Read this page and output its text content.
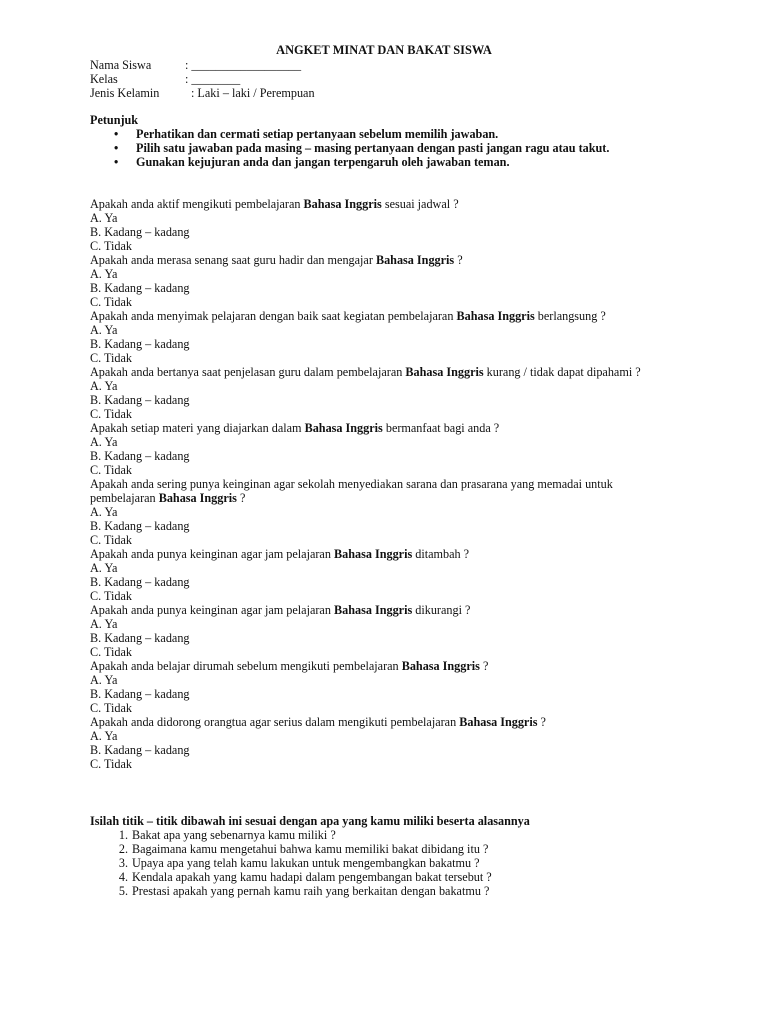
ANGKET MINAT DAN BAKAT SISWA
Nama Siswa	: __________________
Kelas	: ________
Jenis Kelamin	: Laki – laki / Perempuan
Petunjuk
• Perhatikan dan cermati setiap pertanyaan sebelum memilih jawaban.
• Pilih satu jawaban pada masing – masing pertanyaan dengan pasti jangan ragu atau takut.
• Gunakan kejujuran anda dan jangan terpengaruh oleh jawaban teman.
Apakah anda aktif mengikuti pembelajaran Bahasa Inggris sesuai jadwal ?
A. Ya
B. Kadang – kadang
C. Tidak
Apakah anda merasa senang saat guru hadir dan mengajar Bahasa Inggris ?
A. Ya
B. Kadang – kadang
C. Tidak
Apakah anda menyimak pelajaran dengan baik saat kegiatan pembelajaran Bahasa Inggris berlangsung ?
A. Ya
B. Kadang – kadang
C. Tidak
Apakah anda bertanya saat penjelasan guru dalam pembelajaran Bahasa Inggris kurang / tidak dapat dipahami ?
A. Ya
B. Kadang – kadang
C. Tidak
Apakah setiap materi yang diajarkan dalam Bahasa Inggris bermanfaat bagi anda ?
A. Ya
B. Kadang – kadang
C. Tidak
Apakah anda sering punya keinginan agar sekolah menyediakan sarana dan prasarana yang memadai untuk pembelajaran Bahasa Inggris ?
A. Ya
B. Kadang – kadang
C. Tidak
Apakah anda punya keinginan agar jam pelajaran Bahasa Inggris ditambah ?
A. Ya
B. Kadang – kadang
C. Tidak
Apakah anda punya keinginan agar jam pelajaran Bahasa Inggris dikurangi ?
A. Ya
B. Kadang – kadang
C. Tidak
Apakah anda belajar dirumah sebelum mengikuti pembelajaran Bahasa Inggris ?
A. Ya
B. Kadang – kadang
C. Tidak
Apakah anda didorong orangtua agar serius dalam mengikuti pembelajaran Bahasa Inggris ?
A. Ya
B. Kadang – kadang
C. Tidak
Isilah titik – titik dibawah ini sesuai dengan apa yang kamu miliki beserta alasannya
1. Bakat apa yang sebenarnya kamu miliki ?
2. Bagaimana kamu mengetahui bahwa kamu memiliki bakat dibidang itu ?
3. Upaya apa yang telah kamu lakukan untuk mengembangkan bakatmu ?
4. Kendala apakah yang kamu hadapi dalam pengembangan bakat tersebut ?
5. Prestasi apakah yang pernah kamu raih yang berkaitan dengan bakatmu ?
